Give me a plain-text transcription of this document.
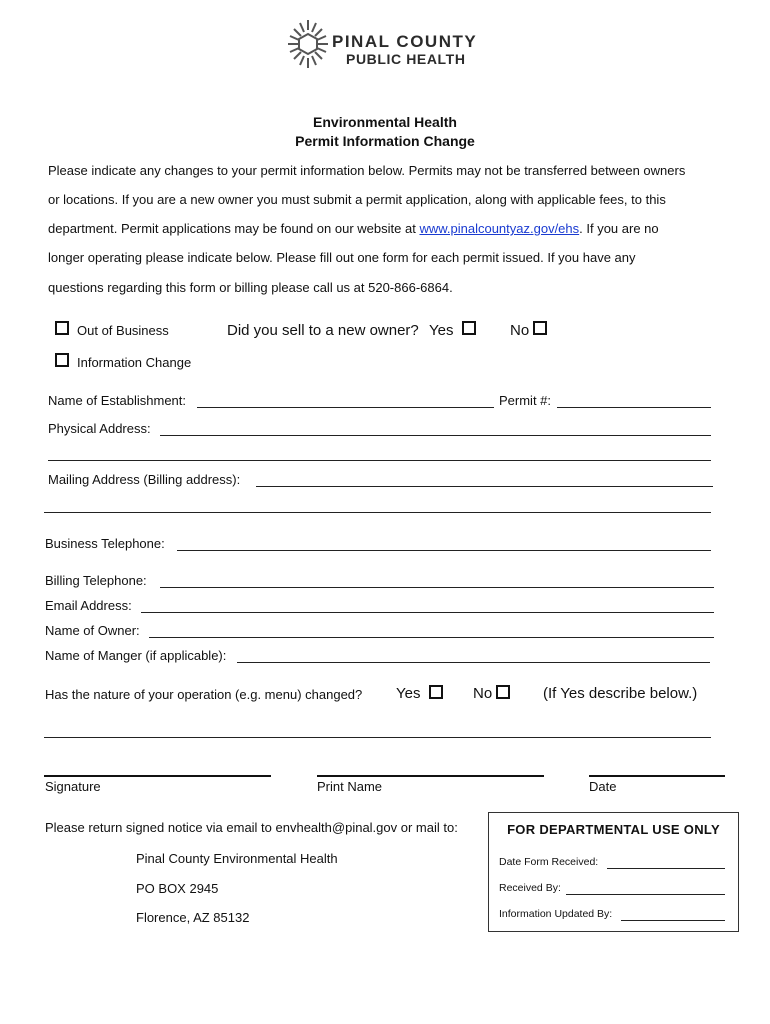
PINAL COUNTY
PUBLIC HEALTH
Environmental Health
Permit Information Change
Please indicate any changes to your permit information below. Permits may not be transferred between owners
or locations. If you are a new owner you must submit a permit application, along with applicable fees, to this
department. Permit applications may be found on our website at www.pinalcountyaz.gov/ehs. If you are no
longer operating please indicate below. Please fill out one form for each permit issued. If you have any
questions regarding this form or billing please call us at 520-866-6864.
Out of Business	Did you sell to a new owner? Yes	No
Information Change
Name of Establishment:	Permit #:
Physical Address:
Mailing Address (Billing address):
Business Telephone:
Billing Telephone:
Email Address:
Name of Owner:
Name of Manger (if applicable):
Has the nature of your operation (e.g. menu) changed? Yes	No	(If Yes describe below.)
Signature	Print Name	Date
Please return signed notice via email to envhealth@pinal.gov or mail to:
Pinal County Environmental Health
PO BOX 2945
Florence, AZ 85132
FOR DEPARTMENTAL USE ONLY
Date Form Received:
Received By:
Information Updated By:
